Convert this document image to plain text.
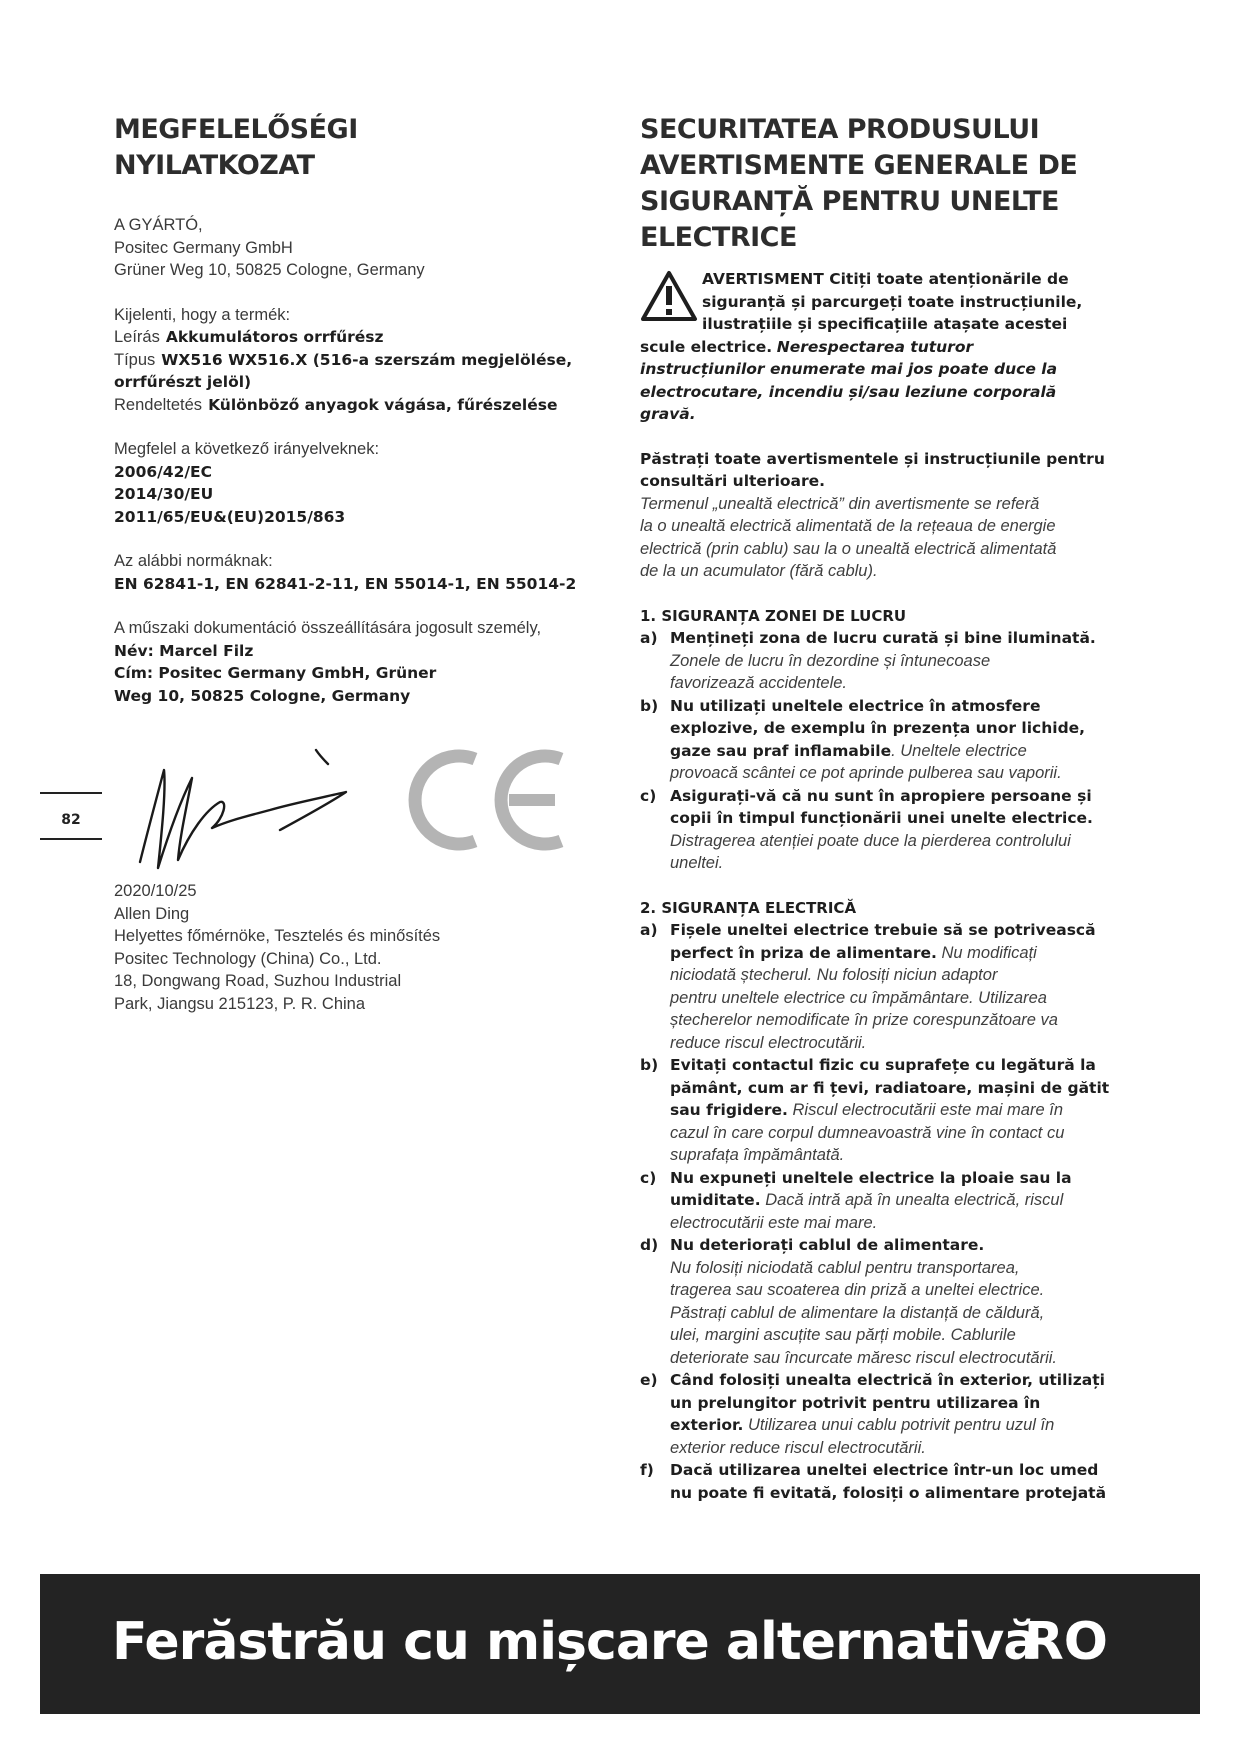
MEGFELELŐSÉGI
NYILATKOZAT
A GYÁRTÓ,
Positec Germany GmbH
Grüner Weg 10, 50825 Cologne, Germany
Kijelenti, hogy a termék:
Leírás Akkumulátoros orrfűrész
Típus WX516 WX516.X (516-a szerszám megjelölése,
orrfűrészt jelöl)
Rendeltetés Különböző anyagok vágása, fűrészelése
Megfelel a következő irányelveknek:
2006/42/EC
2014/30/EU
2011/65/EU&(EU)2015/863
Az alábbi normáknak:
EN 62841-1, EN 62841-2-11, EN 55014-1, EN 55014-2
A műszaki dokumentáció összeállítására jogosult személy,
Név: Marcel Filz
Cím: Positec Germany GmbH, Grüner
Weg 10, 50825 Cologne, Germany
82
2020/10/25
Allen Ding
Helyettes főmérnöke, Tesztelés és minősítés
Positec Technology (China) Co., Ltd.
18, Dongwang Road, Suzhou Industrial
Park, Jiangsu 215123, P. R. China
SECURITATEA PRODUSULUI
AVERTISMENTE GENERALE DE
SIGURANȚĂ PENTRU UNELTE
ELECTRICE
AVERTISMENT Citiți toate atenționările de
siguranță și parcurgeți toate instrucțiunile,
ilustrațiile și specificațiile atașate acestei
scule electrice. Nerespectarea tuturor
instrucțiunilor enumerate mai jos poate duce la
electrocutare, incendiu și/sau leziune corporală
gravă.
Păstrați toate avertismentele și instrucțiunile pentru
consultări ulterioare.
Termenul „unealtă electrică” din avertismente se referă
la o unealtă electrică alimentată de la rețeaua de energie
electrică (prin cablu) sau la o unealtă electrică alimentată
de la un acumulator (fără cablu).
1. SIGURANȚA ZONEI DE LUCRU
a) Mențineți zona de lucru curată și bine iluminată.
Zonele de lucru în dezordine și întunecoase
favorizează accidentele.
b) Nu utilizați uneltele electrice în atmosfere
explozive, de exemplu în prezența unor lichide,
gaze sau praf inflamabile. Uneltele electrice
provoacă scântei ce pot aprinde pulberea sau vaporii.
c) Asigurați-vă că nu sunt în apropiere persoane și
copii în timpul funcționării unei unelte electrice.
Distragerea atenției poate duce la pierderea controlului
uneltei.
2. SIGURANȚA ELECTRICĂ
a) Fișele uneltei electrice trebuie să se potrivească
perfect în priza de alimentare. Nu modificați
niciodată ștecherul. Nu folosiți niciun adaptor
pentru uneltele electrice cu împământare. Utilizarea
ștecherelor nemodificate în prize corespunzătoare va
reduce riscul electrocutării.
b) Evitați contactul fizic cu suprafețe cu legătură la
pământ, cum ar fi țevi, radiatoare, mașini de gătit
sau frigidere. Riscul electrocutării este mai mare în
cazul în care corpul dumneavoastră vine în contact cu
suprafața împământată.
c) Nu expuneți uneltele electrice la ploaie sau la
umiditate. Dacă intră apă în unealta electrică, riscul
electrocutării este mai mare.
d) Nu deteriorați cablul de alimentare.
Nu folosiți niciodată cablul pentru transportarea,
tragerea sau scoaterea din priză a uneltei electrice.
Păstrați cablul de alimentare la distanță de căldură,
ulei, margini ascuțite sau părți mobile. Cablurile
deteriorate sau încurcate măresc riscul electrocutării.
e) Când folosiți unealta electrică în exterior, utilizați
un prelungitor potrivit pentru utilizarea în
exterior. Utilizarea unui cablu potrivit pentru uzul în
exterior reduce riscul electrocutării.
f) Dacă utilizarea uneltei electrice într-un loc umed
nu poate fi evitată, folosiți o alimentare protejată
Ferăstrău cu mișcare alternativă
RO
